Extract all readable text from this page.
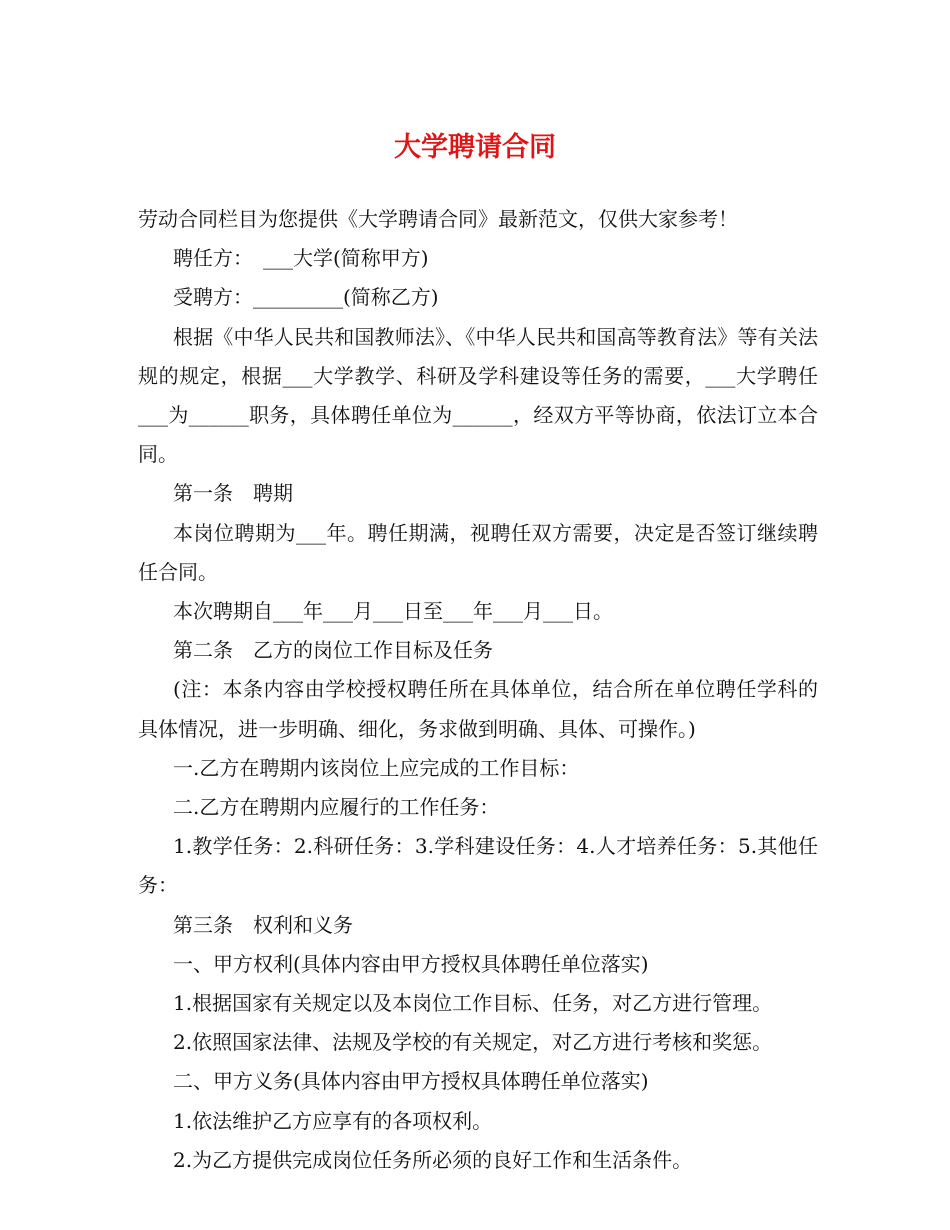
大学聘请合同

劳动合同栏目为您提供《大学聘请合同》最新范文，仅供大家参考！

聘任方：　___大学(简称甲方)

受聘方：_________(简称乙方)

根据《中华人民共和国教师法》、《中华人民共和国高等教育法》等有关法规的规定，根据___大学教学、科研及学科建设等任务的需要，___大学聘任___为______职务，具体聘任单位为______，经双方平等协商，依法订立本合同。

第一条　聘期

本岗位聘期为___年。聘任期满，视聘任双方需要，决定是否签订继续聘任合同。

本次聘期自___年___月___日至___年___月___日。

第二条　乙方的岗位工作目标及任务

(注：本条内容由学校授权聘任所在具体单位，结合所在单位聘任学科的具体情况，进一步明确、细化，务求做到明确、具体、可操作。)

一.乙方在聘期内该岗位上应完成的工作目标：

二.乙方在聘期内应履行的工作任务：

1.教学任务：2.科研任务：3.学科建设任务：4.人才培养任务：5.其他任务：

第三条　权利和义务

一、甲方权利(具体内容由甲方授权具体聘任单位落实)

1.根据国家有关规定以及本岗位工作目标、任务，对乙方进行管理。

2.依照国家法律、法规及学校的有关规定，对乙方进行考核和奖惩。

二、甲方义务(具体内容由甲方授权具体聘任单位落实)

1.依法维护乙方应享有的各项权利。

2.为乙方提供完成岗位任务所必须的良好工作和生活条件。
